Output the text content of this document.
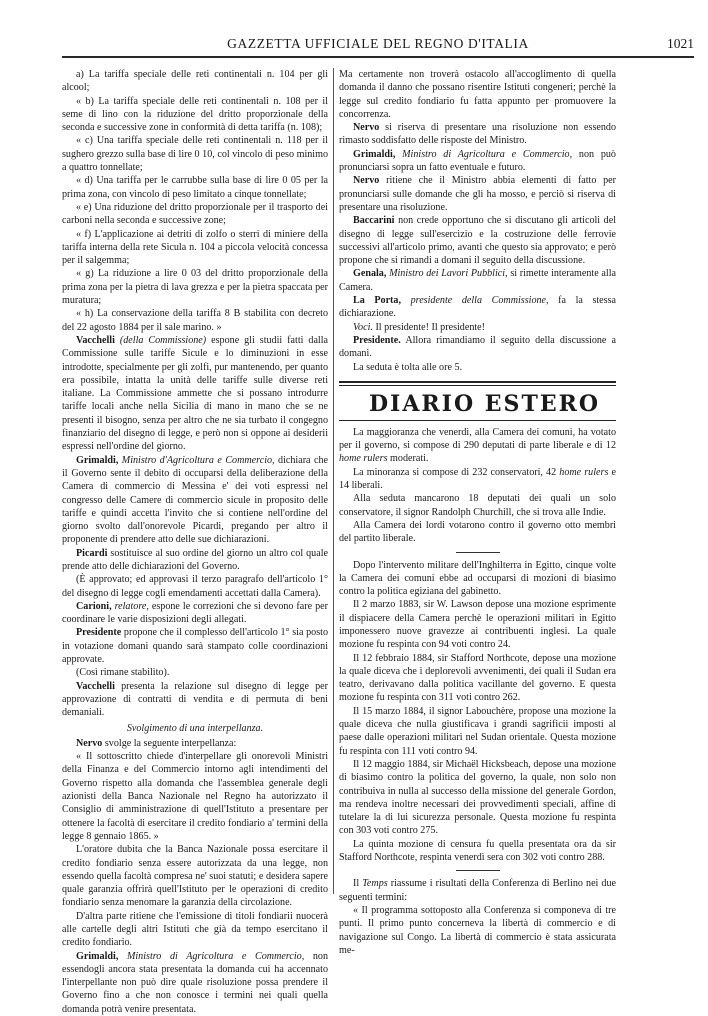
GAZZETTA UFFICIALE DEL REGNO D'ITALIA	1021

a) La tariffa speciale delle reti continentali n. 104 per gli alcool;

« b) La tariffa speciale delle reti continentali n. 108 per il seme di lino con la riduzione del dritto proporzionale della seconda e successive zone in conformità di detta tariffa (n. 108);

« c) Una tariffa speciale delle reti continentali n. 118 per il sughero grezzo sulla base di lire 0 10, col vincolo di peso minimo a quattro tonnellate;

« d) Una tariffa per le carrubbe sulla base di lire 0 05 per la prima zona, con vincolo di peso limitato a cinque tonnellate;

« e) Una riduzione del dritto proporzionale per il trasporto dei carboni nella seconda e successive zone;

« f) L'applicazione ai detriti di zolfo o sterri di miniere della tariffa interna della rete Sicula n. 104 a piccola velocità concessa per il salgemma;

« g) La riduzione a lire 0 03 del dritto proporzionale della prima zona per la pietra di lava grezza e per la pietra spaccata per muratura;

« h) La conservazione della tariffa 8 B stabilita con decreto del 22 agosto 1884 per il sale marino. »

Vacchelli (della Commissione) espone gli studii fatti dalla Commissione sulle tariffe Sicule e lo diminuzioni in esse introdotte, specialmente per gli zolfi, pur mantenendo, per quanto era possibile, intatta la unità delle tariffe sulle diverse reti italiane. La Commissione ammette che si possano introdurre tariffe locali anche nella Sicilia di mano in mano che se ne presenti il bisogno, senza per altro che ne sia turbato il congegno finanziario del disegno di legge, e però non si oppone ai desiderii espressi nell'ordine del giorno.

Grimaldi, Ministro d'Agricoltura e Commercio, dichiara che il Governo sente il debito di occuparsi della deliberazione della Camera di commercio di Messina e' dei voti espressi nel congresso delle Camere di commercio sicule in proposito delle tariffe e quindi accetta l'invito che si contiene nell'ordine del giorno svolto dall'onorevole Picardi, pregando per altro il proponente di prendere atto delle sue dichiarazioni.

Picardi sostituisce al suo ordine del giorno un altro col quale prende atto delle dichiarazioni del Governo.

(È approvato; ed approvasi il terzo paragrafo dell'articolo 1° del disegno di legge cogli emendamenti accettati dalla Camera).

Carioni, relatore, espone le correzioni che si devono fare per coordinare le varie disposizioni degli allegati.

Presidente propone che il complesso dell'articolo 1° sia posto in votazione domani quando sarà stampato colle coordinazioni approvate.

(Così rimane stabilito).

Vacchelli presenta la relazione sul disegno di legge per approvazione di contratti di vendita e di permuta di beni demaniali.

Svolgimento di una interpellanza.

Nervo svolge la seguente interpellanza:

« Il sottoscritto chiede d'interpellare gli onorevoli Ministri della Finanza e del Commercio intorno agli intendimenti del Governo rispetto alla domanda che l'assemblea generale degli azionisti della Banca Nazionale nel Regno ha autorizzato il Consiglio di amministrazione di quell'Istituto a presentare per ottenere la facoltà di esercitare il credito fondiario a' termini della legge 8 gennaio 1865. »

L'oratore dubita che la Banca Nazionale possa esercitare il credito fondiario senza essere autorizzata da una legge, non essendo quella facoltà compresa ne' suoi statuti; e desidera sapere quale garanzia offrirà quell'Istituto per le operazioni di credito fondiario senza menomare la garanzia della circolazione.

D'altra parte ritiene che l'emissione di titoli fondiarii nuocerà alle cartelle degli altri Istituti che già da tempo esercitano il credito fondiario.

Grimaldi, Ministro di Agricoltura e Commercio, non essendogli ancora stata presentata la domanda cui ha accennato l'interpellante non può dire quale risoluzione possa prendere il Governo fino a che non conosce i termini nei quali quella domanda potrà venire presentata.

Ma certamente non troverà ostacolo all'accoglimento di quella domanda il danno che possano risentire Istituti congeneri; perchè la legge sul credito fondiario fu fatta appunto per promuovere la concorrenza.

Nervo si riserva di presentare una risoluzione non essendo rimasto soddisfatto delle risposte del Ministro.

Grimaldi, Ministro di Agricoltura e Commercio, non può pronunciarsi sopra un fatto eventuale e futuro.

Nervo ritiene che il Ministro abbia elementi di fatto per pronunciarsi sulle domande che gli ha mosso, e perciò si riserva di presentare una risoluzione.

Baccarini non crede opportuno che si discutano gli articoli del disegno di legge sull'esercizio e la costruzione delle ferrovie successivi all'articolo primo, avanti che questo sia approvato; e però propone che si rimandi a domani il seguito della discussione.

Genala, Ministro dei Lavori Pubblici, si rimette interamente alla Camera.

La Porta, presidente della Commissione, fa la stessa dichiarazione.

Voci. Il presidente! Il presidente!

Presidente. Allora rimandiamo il seguito della discussione a domani.

La seduta è tolta alle ore 5.

DIARIO ESTERO

La maggioranza che venerdì, alla Camera dei comuni, ha votato per il governo, si compose di 290 deputati di parte liberale e di 12 home rulers moderati.

La minoranza si compose di 232 conservatori, 42 home rulers e 14 liberali.

Alla seduta mancarono 18 deputati dei quali un solo conservatore, il signor Randolph Churchill, che si trova alle Indie.

Alla Camera dei lordi votarono contro il governo otto membri del partito liberale.

Dopo l'intervento militare dell'Inghilterra in Egitto, cinque volte la Camera dei comuni ebbe ad occuparsi di mozioni di biasimo contro la politica egiziana del gabinetto.

Il 2 marzo 1883, sir W. Lawson depose una mozione esprimente il dispiacere della Camera perchè le operazioni militari in Egitto imponessero nuove gravezze ai contribuenti inglesi. La quale mozione fu respinta con 94 voti contro 24.

Il 12 febbraio 1884, sir Stafford Northcote, depose una mozione la quale diceva che i deplorevoli avvenimenti, dei quali il Sudan era teatro, derivavano dalla politica vacillante del governo. E questa mozione fu respinta con 311 voti contro 262.

Il 15 marzo 1884, il signor Labouchère, propose una mozione la quale diceva che nulla giustificava i grandi sagrificii imposti al paese dalle operazioni militari nel Sudan orientale. Questa mozione fu respinta con 111 voti contro 94.

Il 12 maggio 1884, sir Michaël Hicksbeach, depose una mozione di biasimo contro la politica del governo, la quale, non solo non contribuiva in nulla al successo della missione del generale Gordon, ma rendeva inoltre necessari dei provvedimenti speciali, affine di tutelare la di lui sicurezza personale. Questa mozione fu respinta con 303 voti contro 275.

La quinta mozione di censura fu quella presentata ora da sir Stafford Northcote, respinta venerdì sera con 302 voti contro 288.

Il Temps riassume i risultati della Conferenza di Berlino nei due seguenti termini:

« Il programma sottoposto alla Conferenza si componeva di tre punti. Il primo punto concerneva la libertà di commercio e di navigazione sul Congo. La libertà di commercio è stata assicurata me-
